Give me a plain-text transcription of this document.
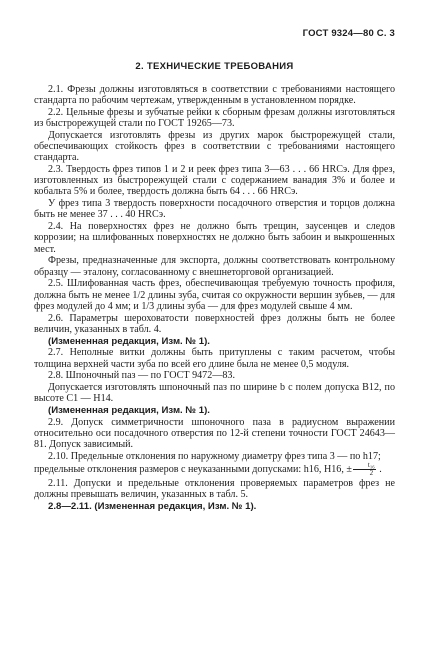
ГОСТ 9324—80 С. 3
2. ТЕХНИЧЕСКИЕ ТРЕБОВАНИЯ

2.1. Фрезы должны изготовляться в соответствии с требованиями настоящего стандарта по рабочим чертежам, утвержденным в установленном порядке.

2.2. Цельные фрезы и зубчатые рейки к сборным фрезам должны изготовляться из быстрорежущей стали по ГОСТ 19265—73.

Допускается изготовлять фрезы из других марок быстрорежущей стали, обеспечивающих стойкость фрез в соответствии с требованиями настоящего стандарта.

2.3. Твердость фрез типов 1 и 2 и реек фрез типа 3—63 . . . 66 HRCэ. Для фрез, изготовленных из быстрорежущей стали с содержанием ванадия 3% и более и кобальта 5% и более, твердость должна быть 64 . . . 66 HRCэ.

У фрез типа 3 твердость поверхности посадочного отверстия и торцов должна быть не менее 37 . . . 40 HRCэ.

2.4. На поверхностях фрез не должно быть трещин, заусенцев и следов коррозии; на шлифованных поверхностях не должно быть забоин и выкрошенных мест.

Фрезы, предназначенные для экспорта, должны соответствовать контрольному образцу — эталону, согласованному с внешнеторговой организацией.

2.5. Шлифованная часть фрез, обеспечивающая требуемую точность профиля, должна быть не менее 1/2 длины зуба, считая со окружности вершин зубьев, — для фрез модулей до 4 мм; и 1/3 длины зуба — для фрез модулей свыше 4 мм.

2.6. Параметры шероховатости поверхностей фрез должны быть не более величин, указанных в табл. 4.

(Измененная редакция, Изм. № 1).

2.7. Неполные витки должны быть притуплены с таким расчетом, чтобы толщина верхней части зуба по всей его длине была не менее 0,5 модуля.

2.8. Шпоночный паз — по ГОСТ 9472—83.

Допускается изготовлять шпоночный паз по ширине b с полем допуска B12, по высоте C1 — H14.

(Измененная редакция, Изм. № 1).

2.9. Допуск симметричности шпоночного паза в радиусном выражении относительно оси посадочного отверстия по 12-й степени точности ГОСТ 24643—81. Допуск зависимый.

2.10. Предельные отклонения по наружному диаметру фрез типа 3 — по h17; предельные отклонения размеров с неуказанными допусками: h16, H16, ± $\frac{\text{t₁₆}}{2}$ .

2.11. Допуски и предельные отклонения проверяемых параметров фрез не должны превышать величин, указанных в табл. 5.

2.8—2.11. (Измененная редакция, Изм. № 1).
